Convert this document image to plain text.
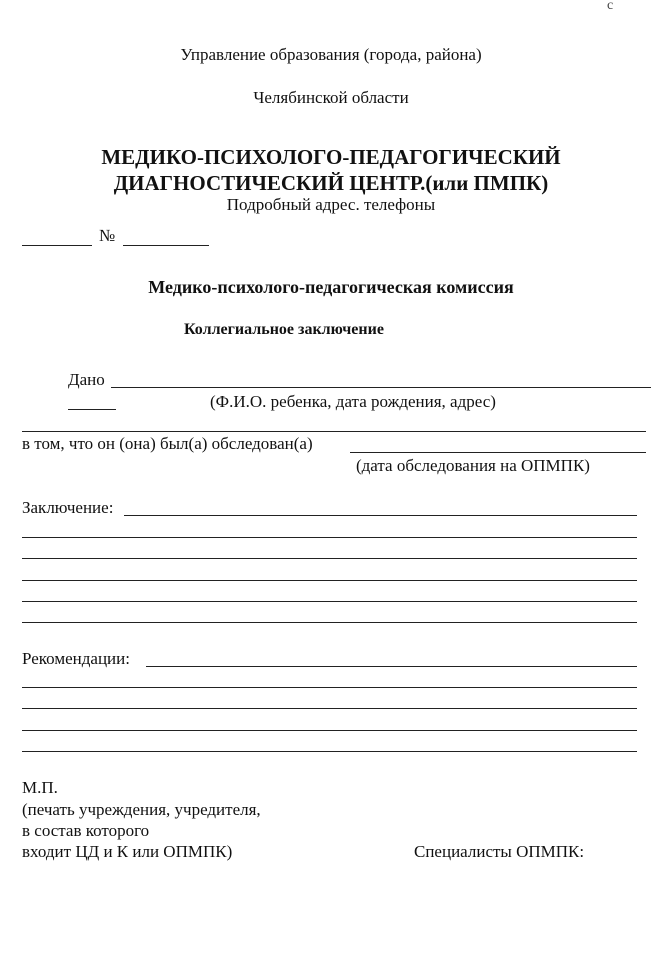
c
Управление образования (города, района)
Челябинской области
МЕДИКО-ПСИХОЛОГО-ПЕДАГОГИЧЕСКИЙ
ДИАГНОСТИЧЕСКИЙ ЦЕНТР.(или ПМПК)
Подробный адрес. телефоны
№
Медико-психолого-педагогическая комиссия
Коллегиальное заключение
Дано
(Ф.И.О. ребенка, дата рождения, адрес)
в том, что он (она) был(а) обследован(а)
(дата обследования на ОПМПК)
Заключение:
Рекомендации:
М.П.
(печать учреждения, учредителя,
в состав которого
входит ЦД и К или ОПМПК)	Специалисты ОПМПК:
